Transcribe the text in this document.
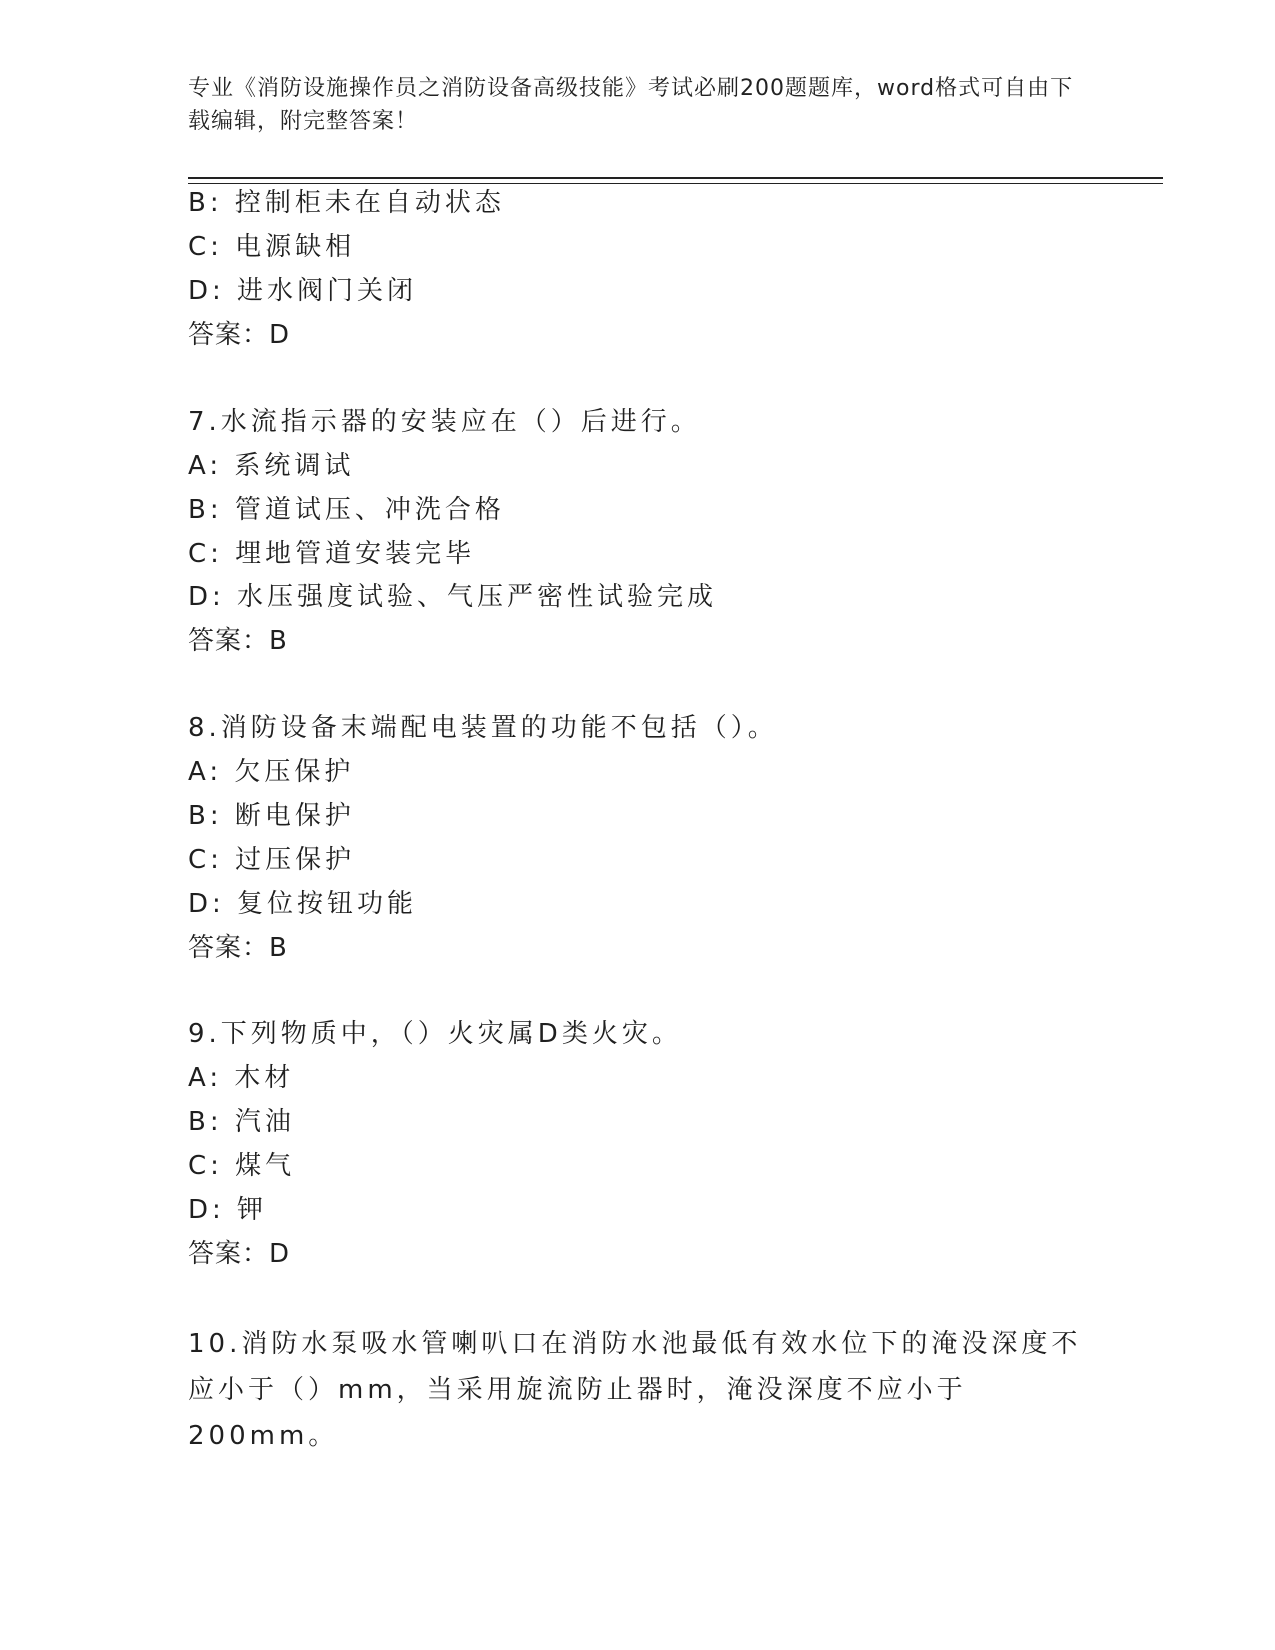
专业《消防设施操作员之消防设备高级技能》考试必刷200题题库，word格式可自由下载编辑，附完整答案！
B: 控制柜未在自动状态
C: 电源缺相
D: 进水阀门关闭
答案：D
7.水流指示器的安装应在（）后进行。
A: 系统调试
B: 管道试压、冲洗合格
C: 埋地管道安装完毕
D: 水压强度试验、气压严密性试验完成
答案：B
8.消防设备末端配电装置的功能不包括（）。
A: 欠压保护
B: 断电保护
C: 过压保护
D: 复位按钮功能
答案：B
9.下列物质中，（）火灾属D类火灾。
A: 木材
B: 汽油
C: 煤气
D: 钾
答案：D
10.消防水泵吸水管喇叭口在消防水池最低有效水位下的淹没深度不应小于（）mm，当采用旋流防止器时，淹没深度不应小于200mm。
